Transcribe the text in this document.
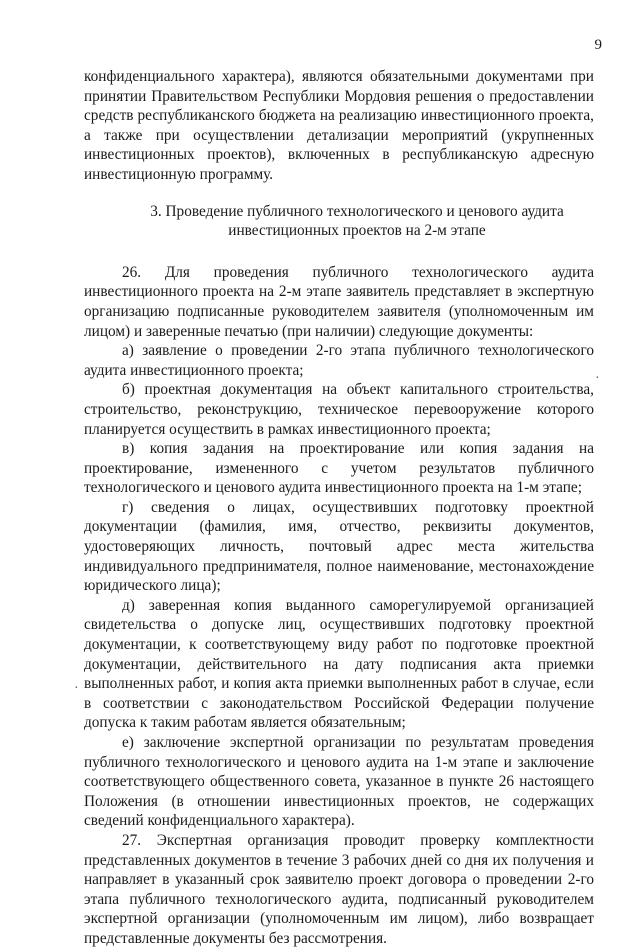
9

конфиденциального характера), являются обязательными документами при принятии Правительством Республики Мордовия решения о предоставлении средств республиканского бюджета на реализацию инвестиционного проекта, а также при осуществлении детализации мероприятий (укрупненных инвестиционных проектов), включенных в республиканскую адресную инвестиционную программу.

3. Проведение публичного технологического и ценового аудита
инвестиционных проектов на 2-м этапе

26. Для проведения публичного технологического аудита инвестиционного проекта на 2-м этапе заявитель представляет в экспертную организацию подписанные руководителем заявителя (уполномоченным им лицом) и заверенные печатью (при наличии) следующие документы:

а) заявление о проведении 2-го этапа публичного технологического аудита инвестиционного проекта;

б) проектная документация на объект капитального строительства, строительство, реконструкцию, техническое перевооружение которого планируется осуществить в рамках инвестиционного проекта;

в) копия задания на проектирование или копия задания на проектирование, измененного с учетом результатов публичного технологического и ценового аудита инвестиционного проекта на 1-м этапе;

г) сведения о лицах, осуществивших подготовку проектной документации (фамилия, имя, отчество, реквизиты документов, удостоверяющих личность, почтовый адрес места жительства индивидуального предпринимателя, полное наименование, местонахождение юридического лица);

д) заверенная копия выданного саморегулируемой организацией свидетельства о допуске лиц, осуществивших подготовку проектной документации, к соответствующему виду работ по подготовке проектной документации, действительного на дату подписания акта приемки выполненных работ, и копия акта приемки выполненных работ в случае, если в соответствии с законодательством Российской Федерации получение допуска к таким работам является обязательным;

е) заключение экспертной организации по результатам проведения публичного технологического и ценового аудита на 1-м этапе и заключение соответствующего общественного совета, указанное в пункте 26 настоящего Положения (в отношении инвестиционных проектов, не содержащих сведений конфиденциального характера).

27. Экспертная организация проводит проверку комплектности представленных документов в течение 3 рабочих дней со дня их получения и направляет в указанный срок заявителю проект договора о проведении 2-го этапа публичного технологического аудита, подписанный руководителем экспертной организации (уполномоченным им лицом), либо возвращает представленные документы без рассмотрения.

·
·
